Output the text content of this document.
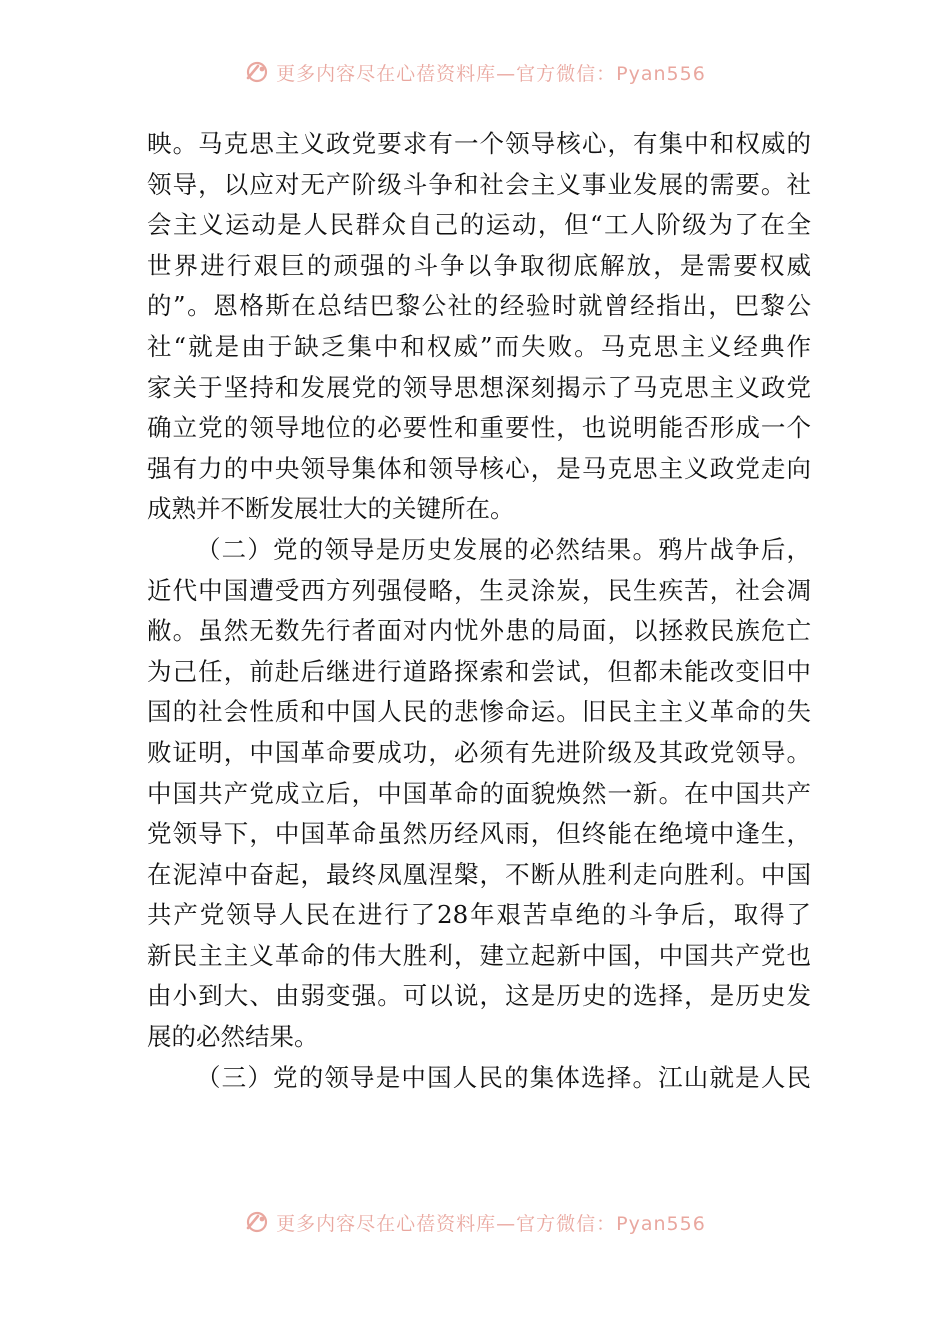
更多内容尽在心蓓资料库—官方微信：Pyan556
映。马克思主义政党要求有一个领导核心，有集中和权威的
领导，以应对无产阶级斗争和社会主义事业发展的需要。社
会主义运动是人民群众自己的运动，但“工人阶级为了在全
世界进行艰巨的顽强的斗争以争取彻底解放，是需要权威
的”。恩格斯在总结巴黎公社的经验时就曾经指出，巴黎公
社“就是由于缺乏集中和权威”而失败。马克思主义经典作
家关于坚持和发展党的领导思想深刻揭示了马克思主义政党
确立党的领导地位的必要性和重要性，也说明能否形成一个
强有力的中央领导集体和领导核心，是马克思主义政党走向
成熟并不断发展壮大的关键所在。
（二）党的领导是历史发展的必然结果。鸦片战争后，
近代中国遭受西方列强侵略，生灵涂炭，民生疾苦，社会凋
敝。虽然无数先行者面对内忧外患的局面，以拯救民族危亡
为己任，前赴后继进行道路探索和尝试，但都未能改变旧中
国的社会性质和中国人民的悲惨命运。旧民主主义革命的失
败证明，中国革命要成功，必须有先进阶级及其政党领导。
中国共产党成立后，中国革命的面貌焕然一新。在中国共产
党领导下，中国革命虽然历经风雨，但终能在绝境中逢生，
在泥淖中奋起，最终凤凰涅槃，不断从胜利走向胜利。中国
共产党领导人民在进行了28年艰苦卓绝的斗争后，取得了
新民主主义革命的伟大胜利，建立起新中国，中国共产党也
由小到大、由弱变强。可以说，这是历史的选择，是历史发
展的必然结果。
（三）党的领导是中国人民的集体选择。江山就是人民
更多内容尽在心蓓资料库—官方微信：Pyan556
